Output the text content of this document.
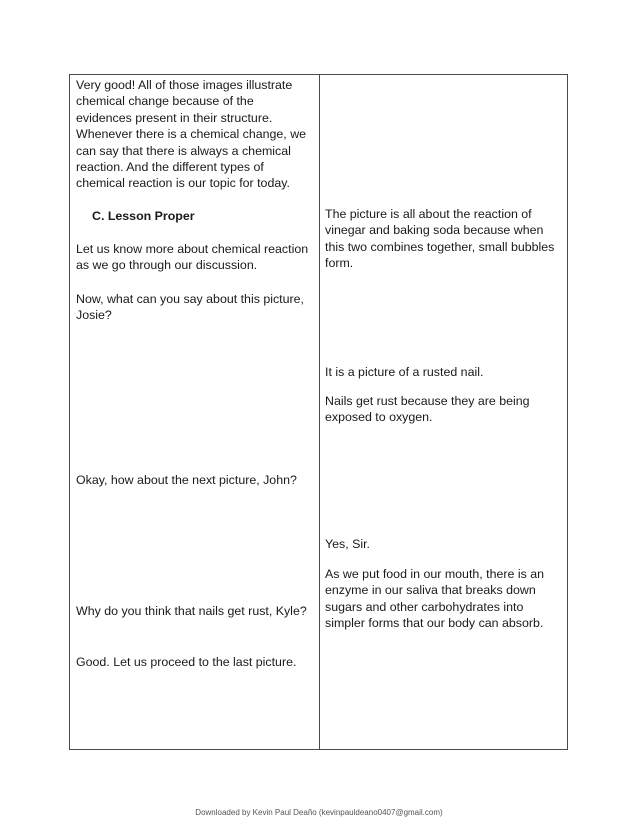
Very good! All of those images illustrate
chemical change because of the
evidences present in their structure.
Whenever there is a chemical change, we
can say that there is always a chemical
reaction. And the different types of
chemical reaction is our topic for today.

C. Lesson Proper

Let us know more about chemical reaction
as we go through our discussion.

Now, what can you say about this picture,
Josie?

Okay, how about the next picture, John?

Why do you think that nails get rust, Kyle?

Good. Let us proceed to the last picture.

The picture is all about the reaction of
vinegar and baking soda because when
this two combines together, small bubbles
form.

It is a picture of a rusted nail.

Nails get rust because they are being
exposed to oxygen.

Yes, Sir.

As we put food in our mouth, there is an
enzyme in our saliva that breaks down
sugars and other carbohydrates into
simpler forms that our body can absorb.

Downloaded by Kevin Paul Deaño (kevinpauldeano0407@gmail.com)
